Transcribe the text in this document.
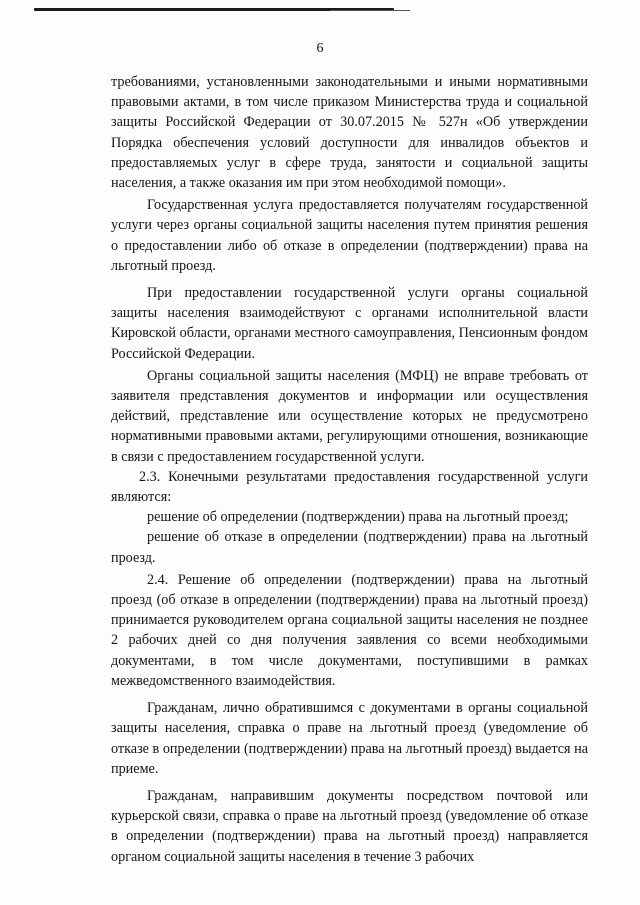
6

требованиями, установленными законодательными и иными нормативными правовыми актами, в том числе приказом Министерства труда и социальной защиты Российской Федерации от 30.07.2015 № 527н «Об утверждении Порядка обеспечения условий доступности для инвалидов объектов и предоставляемых услуг в сфере труда, занятости и социальной защиты населения, а также оказания им при этом необходимой помощи».

Государственная услуга предоставляется получателям государственной услуги через органы социальной защиты населения путем принятия решения о предоставлении либо об отказе в определении (подтверждении) права на льготный проезд.

При предоставлении государственной услуги органы социальной защиты населения взаимодействуют с органами исполнительной власти Кировской области, органами местного самоуправления, Пенсионным фондом Российской Федерации.

Органы социальной защиты населения (МФЦ) не вправе требовать от заявителя представления документов и информации или осуществления действий, представление или осуществление которых не предусмотрено нормативными правовыми актами, регулирующими отношения, возникающие в связи с предоставлением государственной услуги.

2.3. Конечными результатами предоставления государственной услуги являются:

решение об определении (подтверждении) права на льготный проезд;

решение об отказе в определении (подтверждении) права на льготный проезд.

2.4. Решение об определении (подтверждении) права на льготный проезд (об отказе в определении (подтверждении) права на льготный проезд) принимается руководителем органа социальной защиты населения не позднее 2 рабочих дней со дня получения заявления со всеми необходимыми документами, в том числе документами, поступившими в рамках межведомственного взаимодействия.

Гражданам, лично обратившимся с документами в органы социальной защиты населения, справка о праве на льготный проезд (уведомление об отказе в определении (подтверждении) права на льготный проезд) выдается на приеме.

Гражданам, направившим документы посредством почтовой или курьерской связи, справка о праве на льготный проезд (уведомление об отказе в определении (подтверждении) права на льготный проезд) направляется органом социальной защиты населения в течение 3 рабочих
